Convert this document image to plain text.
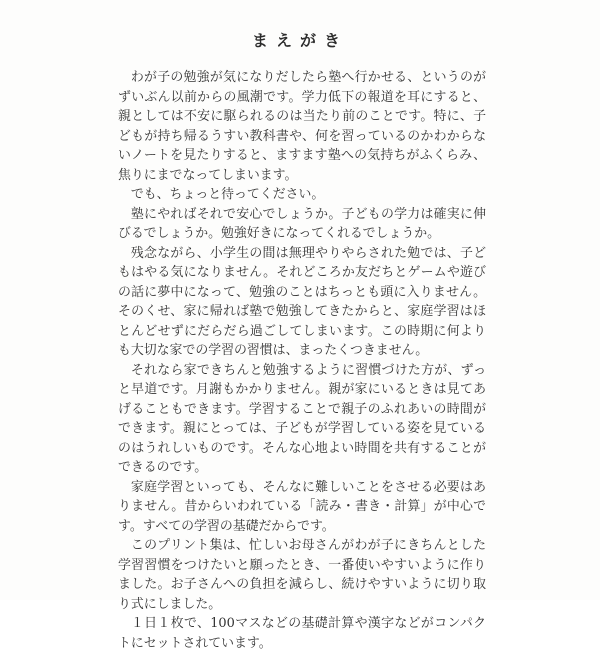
まえがき

わが子の勉強が気になりだしたら塾へ行かせる、というのがずいぶん以前からの風潮です。学力低下の報道を耳にすると、親としては不安に駆られるのは当たり前のことです。特に、子どもが持ち帰るうすい教科書や、何を習っているのかわからないノートを見たりすると、ますます塾への気持ちがふくらみ、焦りにまでなってしまいます。

でも、ちょっと待ってください。

塾にやればそれで安心でしょうか。子どもの学力は確実に伸びるでしょうか。勉強好きになってくれるでしょうか。

残念ながら、小学生の間は無理やりやらされた勉では、子どもはやる気になりません。それどころか友だちとゲームや遊びの話に夢中になって、勉強のことはちっとも頭に入りません。そのくせ、家に帰れば塾で勉強してきたからと、家庭学習はほとんどせずにだらだら過ごしてしまいます。この時期に何よりも大切な家での学習の習慣は、まったくつきません。

それなら家できちんと勉強するように習慣づけた方が、ずっと早道です。月謝もかかりません。親が家にいるときは見てあげることもできます。学習することで親子のふれあいの時間ができます。親にとっては、子どもが学習している姿を見ているのはうれしいものです。そんな心地よい時間を共有することができるのです。

家庭学習といっても、そんなに難しいことをさせる必要はありません。昔からいわれている「読み・書き・計算」が中心です。すべての学習の基礎だからです。

このプリント集は、忙しいお母さんがわが子にきちんとした学習習慣をつけたいと願ったとき、一番使いやすいように作りました。お子さんへの負担を減らし、続けやすいように切り取り式にしました。

１日１枚で、100マスなどの基礎計算や漢字などがコンパクトにセットされています。
